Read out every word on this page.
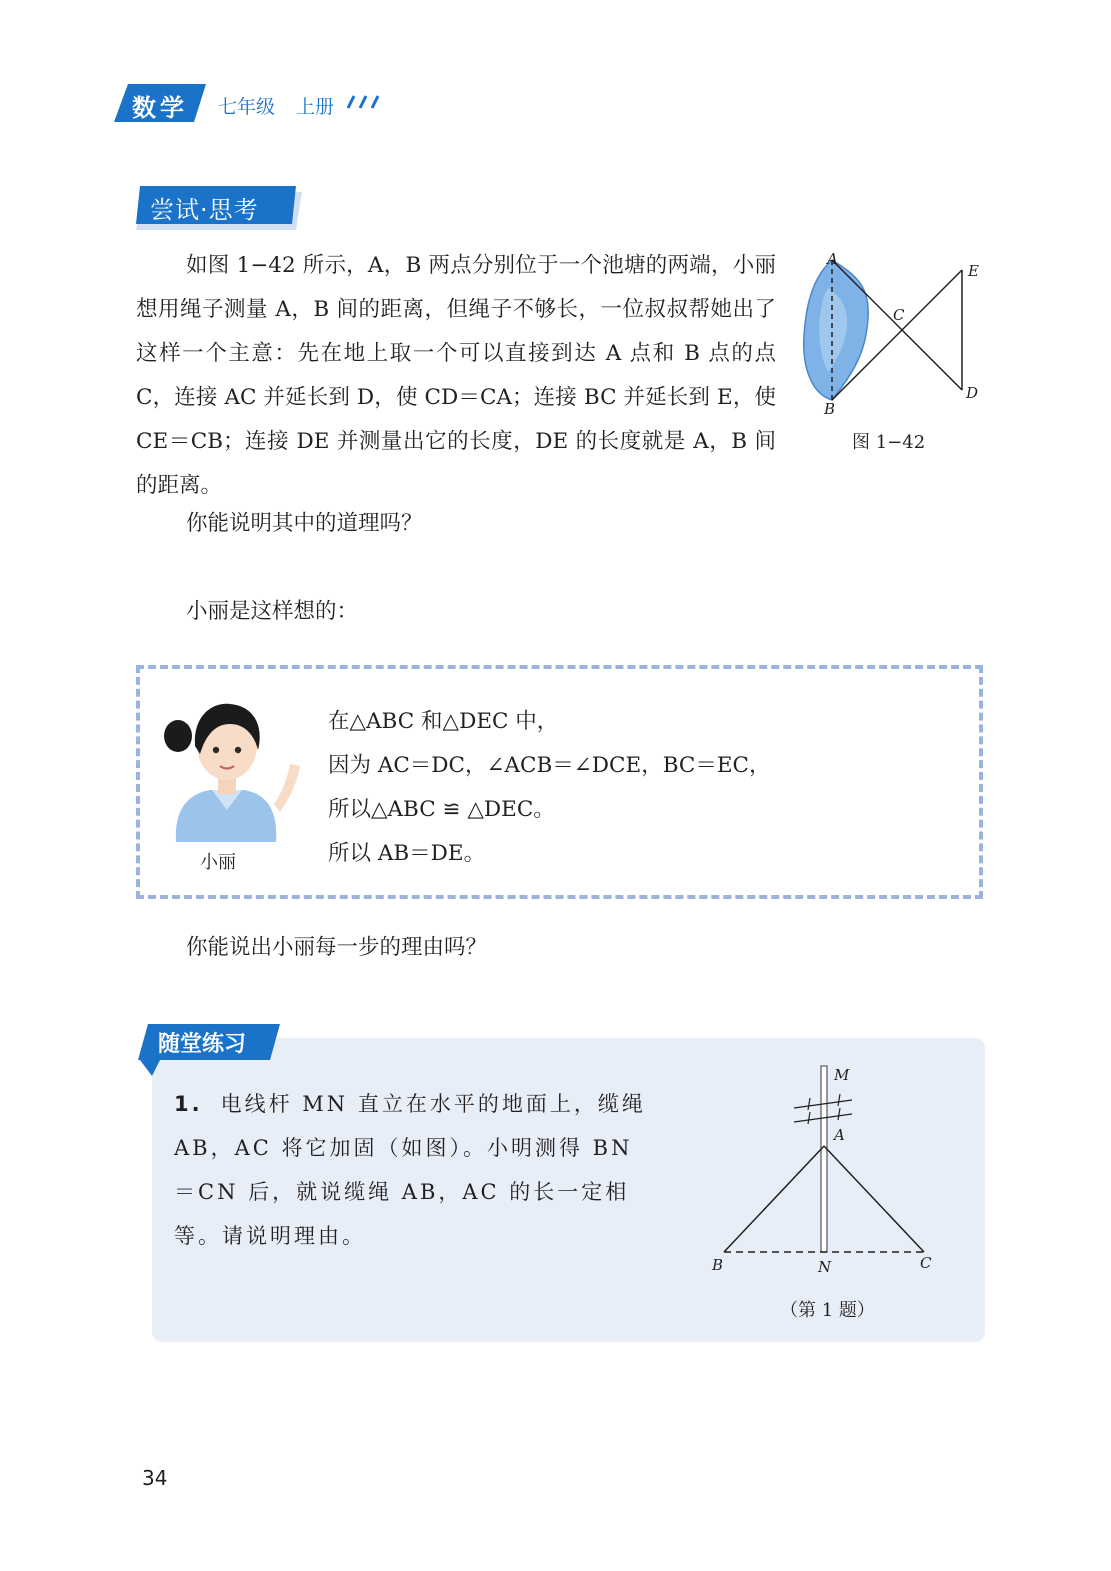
数学 七年级 上册
尝试·思考

如图 1−42 所示，A，B 两点分别位于一个池塘的两端，小丽想用绳子测量 A，B 间的距离，但绳子不够长，一位叔叔帮她出了这样一个主意：先在地上取一个可以直接到达 A 点和 B 点的点 C，连接 AC 并延长到 D，使 CD＝CA；连接 BC 并延长到 E，使 CE＝CB；连接 DE 并测量出它的长度，DE 的长度就是 A，B 间的距离。

A
B
C
D
E
图 1−42
你能说明其中的道理吗？
小丽是这样想的：
小丽
在△ABC 和△DEC 中，
因为 AC＝DC，∠ACB＝∠DCE，BC＝EC，
所以△ABC ≌ △DEC。
所以 AB＝DE。
你能说出小丽每一步的理由吗？
随堂练习
1. 电线杆 MN 直立在水平的地面上，缆绳 AB，AC 将它加固（如图）。小明测得 BN＝CN 后，就说缆绳 AB，AC 的长一定相等。请说明理由。
M
A
B	N	C
（第 1 题）
34
